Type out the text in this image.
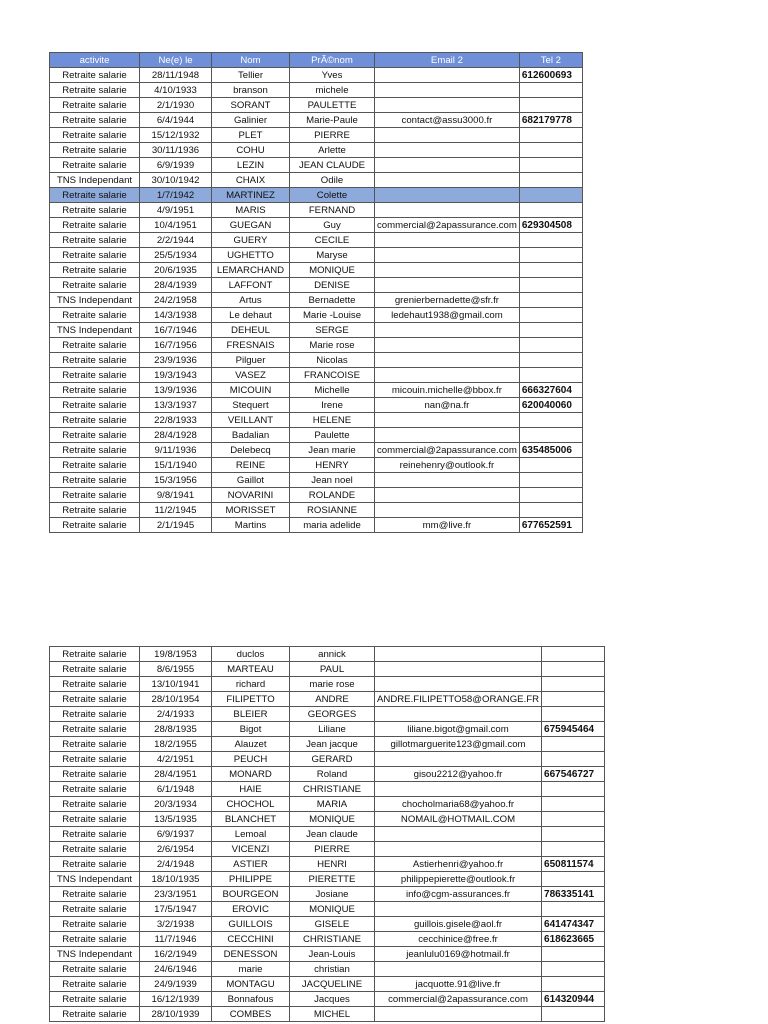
activite	Ne(e) le	Nom	PrÃ©nom	Email 2	Tel 2
Retraite salarie	28/11/1948	Tellier	Yves		612600693
Retraite salarie	4/10/1933	branson	michele		
Retraite salarie	2/1/1930	SORANT	PAULETTE		
Retraite salarie	6/4/1944	Galinier	Marie-Paule	contact@assu3000.fr	682179778
Retraite salarie	15/12/1932	PLET	PIERRE		
Retraite salarie	30/11/1936	COHU	Arlette		
Retraite salarie	6/9/1939	LEZIN	JEAN CLAUDE		
TNS Independant	30/10/1942	CHAIX	Odile		
Retraite salarie	1/7/1942	MARTINEZ	Colette		
Retraite salarie	4/9/1951	MARIS	FERNAND		
Retraite salarie	10/4/1951	GUEGAN	Guy	commercial@2apassurance.com	629304508
Retraite salarie	2/2/1944	GUERY	CECILE		
Retraite salarie	25/5/1934	UGHETTO	Maryse		
Retraite salarie	20/6/1935	LEMARCHAND	MONIQUE		
Retraite salarie	28/4/1939	LAFFONT	DENISE		
TNS Independant	24/2/1958	Artus	Bernadette	grenierbernadette@sfr.fr	
Retraite salarie	14/3/1938	Le dehaut	Marie -Louise	ledehaut1938@gmail.com	
TNS Independant	16/7/1946	DEHEUL	SERGE		
Retraite salarie	16/7/1956	FRESNAIS	Marie rose		
Retraite salarie	23/9/1936	Pilguer	Nicolas		
Retraite salarie	19/3/1943	VASEZ	FRANCOISE		
Retraite salarie	13/9/1936	MICOUIN	Michelle	micouin.michelle@bbox.fr	666327604
Retraite salarie	13/3/1937	Stequert	Irene	nan@na.fr	620040060
Retraite salarie	22/8/1933	VEILLANT	HELENE		
Retraite salarie	28/4/1928	Badalian	Paulette		
Retraite salarie	9/11/1936	Delebecq	Jean marie	commercial@2apassurance.com	635485006
Retraite salarie	15/1/1940	REINE	HENRY	reinehenry@outlook.fr	
Retraite salarie	15/3/1956	Gaillot	Jean noel		
Retraite salarie	9/8/1941	NOVARINI	ROLANDE		
Retraite salarie	11/2/1945	MORISSET	ROSIANNE		
Retraite salarie	2/1/1945	Martins	maria adelide	mm@live.fr	677652591
Retraite salarie	19/8/1953	duclos	annick		
Retraite salarie	8/6/1955	MARTEAU	PAUL		
Retraite salarie	13/10/1941	richard	marie rose		
Retraite salarie	28/10/1954	FILIPETTO	ANDRE	ANDRE.FILIPETTO58@ORANGE.FR	
Retraite salarie	2/4/1933	BLEIER	GEORGES		
Retraite salarie	28/8/1935	Bigot	Liliane	liliane.bigot@gmail.com	675945464
Retraite salarie	18/2/1955	Alauzet	Jean jacque	gillotmarguerite123@gmail.com	
Retraite salarie	4/2/1951	PEUCH	GERARD		
Retraite salarie	28/4/1951	MONARD	Roland	gisou2212@yahoo.fr	667546727
Retraite salarie	6/1/1948	HAIE	CHRISTIANE		
Retraite salarie	20/3/1934	CHOCHOL	MARIA	chocholmaria68@yahoo.fr	
Retraite salarie	13/5/1935	BLANCHET	MONIQUE	NOMAIL@HOTMAIL.COM	
Retraite salarie	6/9/1937	Lemoal	Jean claude		
Retraite salarie	2/6/1954	VICENZI	PIERRE		
Retraite salarie	2/4/1948	ASTIER	HENRI	Astierhenri@yahoo.fr	650811574
TNS Independant	18/10/1935	PHILIPPE	PIERETTE	philippepierette@outlook.fr	
Retraite salarie	23/3/1951	BOURGEON	Josiane	info@cgm-assurances.fr	786335141
Retraite salarie	17/5/1947	EROVIC	MONIQUE		
Retraite salarie	3/2/1938	GUILLOIS	GISELE	guillois.gisele@aol.fr	641474347
Retraite salarie	11/7/1946	CECCHINI	CHRISTIANE	cecchinice@free.fr	618623665
TNS Independant	16/2/1949	DENESSON	Jean-Louis	jeanlulu0169@hotmail.fr	
Retraite salarie	24/6/1946	marie	christian		
Retraite salarie	24/9/1939	MONTAGU	JACQUELINE	jacquotte.91@live.fr	
Retraite salarie	16/12/1939	Bonnafous	Jacques	commercial@2apassurance.com	614320944
Retraite salarie	28/10/1939	COMBES	MICHEL		
